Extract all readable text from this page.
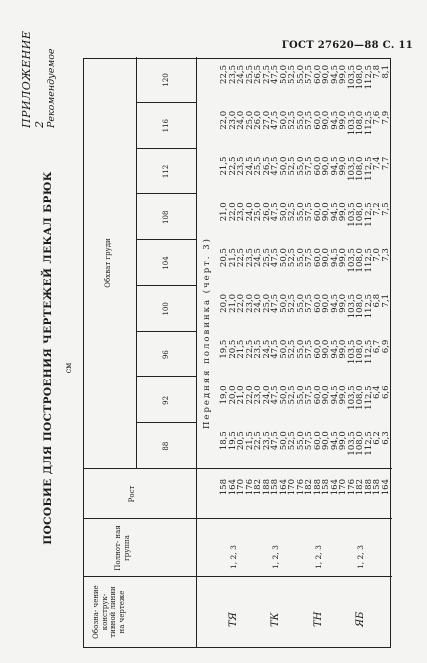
ГОСТ 27620—88 С. 11
ПРИЛОЖЕНИЕ 2 Рекомендуемое
ПОСОБИЕ ДЛЯ ПОСТРОЕНИЯ ЧЕРТЕЖЕЙ ЛЕКАЛ БРЮК см
Обозна- чение конструк- тивной линии на чертеже
Полнот- ная группа
Рост
Обхват груди
88
92
96
100
104
108
112
116
120
Передняя половинка (черт. 3)
ТЯ
1, 2, 3
ТК
1, 2, 3
ТН
1, 2, 3
ЯБ
1, 2, 3
158
164
170
176
182
188
158
164
170
176
182
188
158
164
170
176
182
188
158
164
18,5
19,5
20,5
21,5
22,5
23,5
47,5
50,0
52,5
55,0
57,5
60,0
90,0
94,5
99,0
103,5
108,0
112,5
6,2
6,3
19,0
20,0
21,0
22,0
23,0
24,0
47,5
50,0
52,5
55,0
57,5
60,0
90,0
94,5
99,0
103,5
108,0
112,5
6,4
6,6
19,5
20,5
21,5
22,5
23,5
24,5
47,5
50,0
52,5
55,0
57,5
60,0
90,0
94,5
99,0
103,5
108,0
112,5
6,7
6,9
20,0
21,0
22,0
23,0
24,0
25,0
47,5
50,0
52,5
55,0
57,5
60,0
90,0
94,5
99,0
103,5
108,0
112,5
6,8
7,1
20,5
21,5
22,5
23,5
24,5
25,5
47,5
50,0
52,5
55,0
57,5
60,0
90,0
94,5
99,0
103,5
108,0
112,5
7,0
7,3
21,0
22,0
23,0
24,0
25,0
26,0
47,5
50,0
52,5
55,0
57,5
60,0
90,0
94,5
99,0
103,5
108,0
112,5
7,2
7,5
21,5
22,5
23,5
24,5
25,5
26,5
47,5
50,0
52,5
55,0
57,5
60,0
90,0
94,5
99,0
103,5
108,0
112,5
7,4
7,7
22,0
23,0
24,0
25,0
26,0
27,0
47,5
50,0
52,5
55,0
57,5
60,0
90,0
94,5
99,0
103,5
108,0
112,5
7,6
7,9
22,5
23,5
24,5
25,5
26,5
27,5
47,5
50,0
52,5
55,0
57,5
60,0
90,0
94,5
99,0
103,5
108,0
112,5
7,8
8,1
